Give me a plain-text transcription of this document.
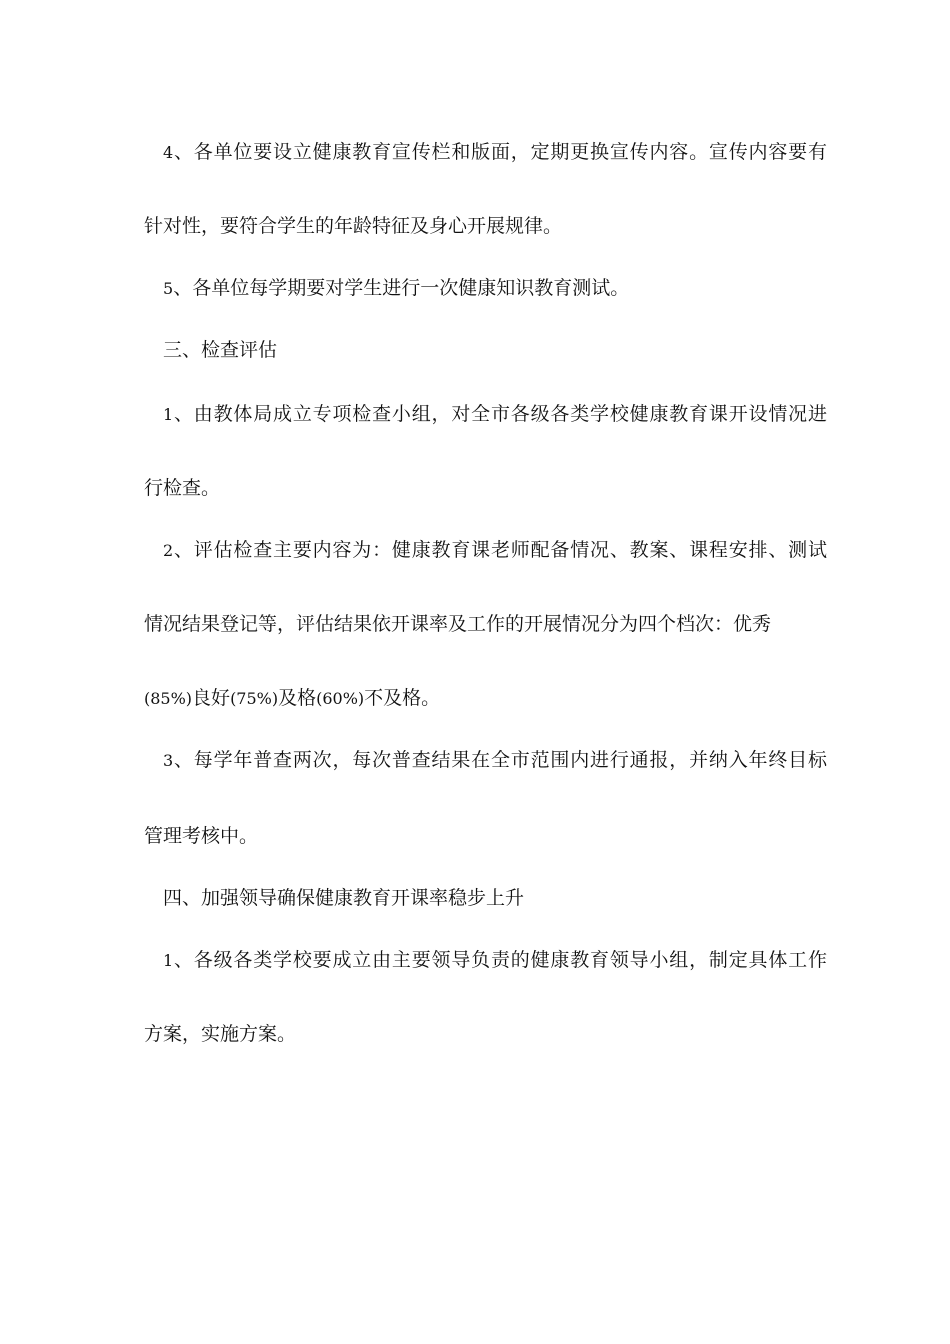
4、各单位要设立健康教育宣传栏和版面，定期更换宣传内容。宣传内容要有
针对性，要符合学生的年龄特征及身心开展规律。
5、各单位每学期要对学生进行一次健康知识教育测试。
三、检查评估
1、由教体局成立专项检查小组，对全市各级各类学校健康教育课开设情况进
行检查。
2、评估检查主要内容为：健康教育课老师配备情况、教案、课程安排、测试
情况结果登记等，评估结果依开课率及工作的开展情况分为四个档次：优秀
(85%)良好(75%)及格(60%)不及格。
3、每学年普查两次，每次普查结果在全市范围内进行通报，并纳入年终目标
管理考核中。
四、加强领导确保健康教育开课率稳步上升
1、各级各类学校要成立由主要领导负责的健康教育领导小组，制定具体工作
方案，实施方案。
